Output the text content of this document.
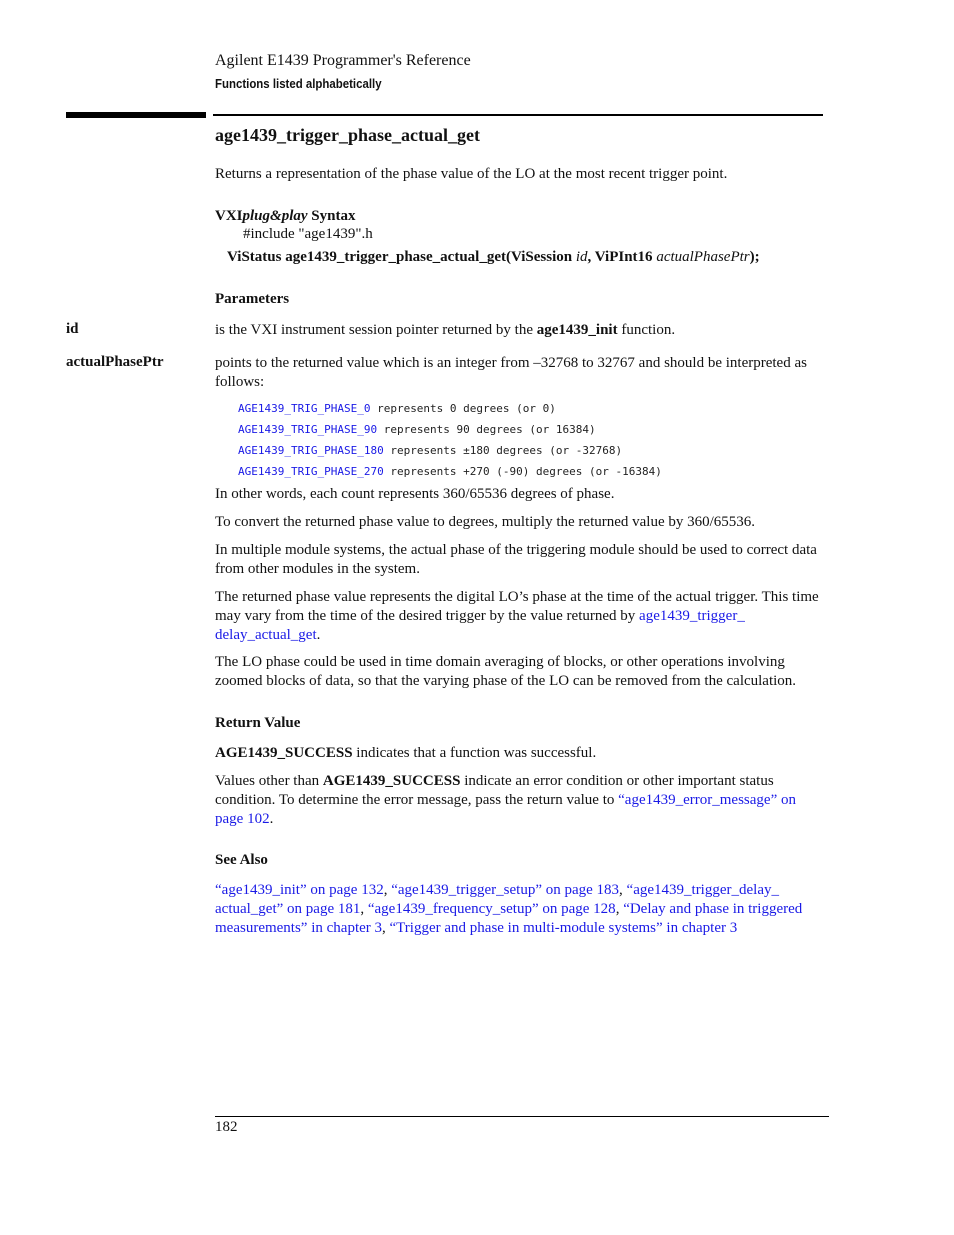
Agilent E1439 Programmer's Reference
Functions listed alphabetically
age1439_trigger_phase_actual_get
Returns a representation of the phase value of the LO at the most recent trigger point.
VXIplug&play Syntax
#include "age1439".h
ViStatus age1439_trigger_phase_actual_get(ViSession id, ViPInt16 actualPhasePtr);
Parameters
id	is the VXI instrument session pointer returned by the age1439_init function.
actualPhasePtr	points to the returned value which is an integer from –32768 to 32767 and should be interpreted as follows:
AGE1439_TRIG_PHASE_0 represents 0 degrees (or 0)
AGE1439_TRIG_PHASE_90 represents 90 degrees (or 16384)
AGE1439_TRIG_PHASE_180 represents ±180 degrees (or -32768)
AGE1439_TRIG_PHASE_270 represents +270 (-90) degrees (or -16384)
In other words, each count represents 360/65536 degrees of phase.
To convert the returned phase value to degrees, multiply the returned value by 360/65536.
In multiple module systems, the actual phase of the triggering module should be used to correct data from other modules in the system.
The returned phase value represents the digital LO’s phase at the time of the actual trigger. This time may vary from the time of the desired trigger by the value returned by age1439_trigger_ delay_actual_get.
The LO phase could be used in time domain averaging of blocks, or other operations involving zoomed blocks of data, so that the varying phase of the LO can be removed from the calculation.
Return Value
AGE1439_SUCCESS indicates that a function was successful.
Values other than AGE1439_SUCCESS indicate an error condition or other important status condition. To determine the error message, pass the return value to “age1439_error_message” on page 102.
See Also
“age1439_init” on page 132, “age1439_trigger_setup” on page 183, “age1439_trigger_delay_ actual_get” on page 181, “age1439_frequency_setup” on page 128, “Delay and phase in triggered measurements” in chapter 3, “Trigger and phase in multi-module systems” in chapter 3
182
